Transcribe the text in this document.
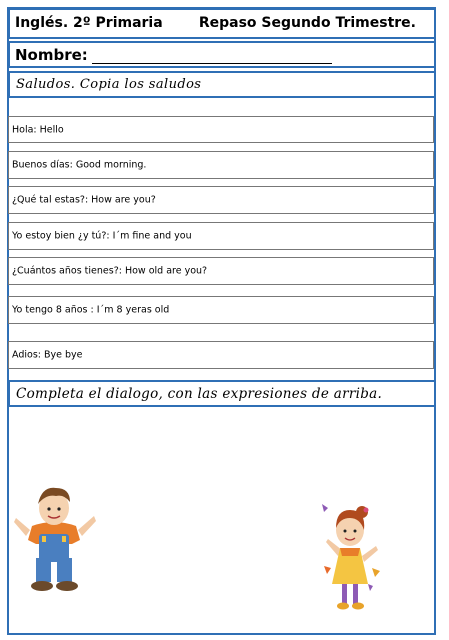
Inglés. 2º Primaria	Repaso Segundo Trimestre.
Nombre:
Saludos. Copia los saludos
Hola: Hello
Buenos días: Good morning.
¿Qué tal estas?: How are you?
Yo estoy bien ¿y tú?: I´m fine and you
¿Cuántos años tienes?: How old are you?
Yo tengo 8 años : I´m 8 yeras old
Adios: Bye bye
Completa el dialogo, con las expresiones de arriba.
